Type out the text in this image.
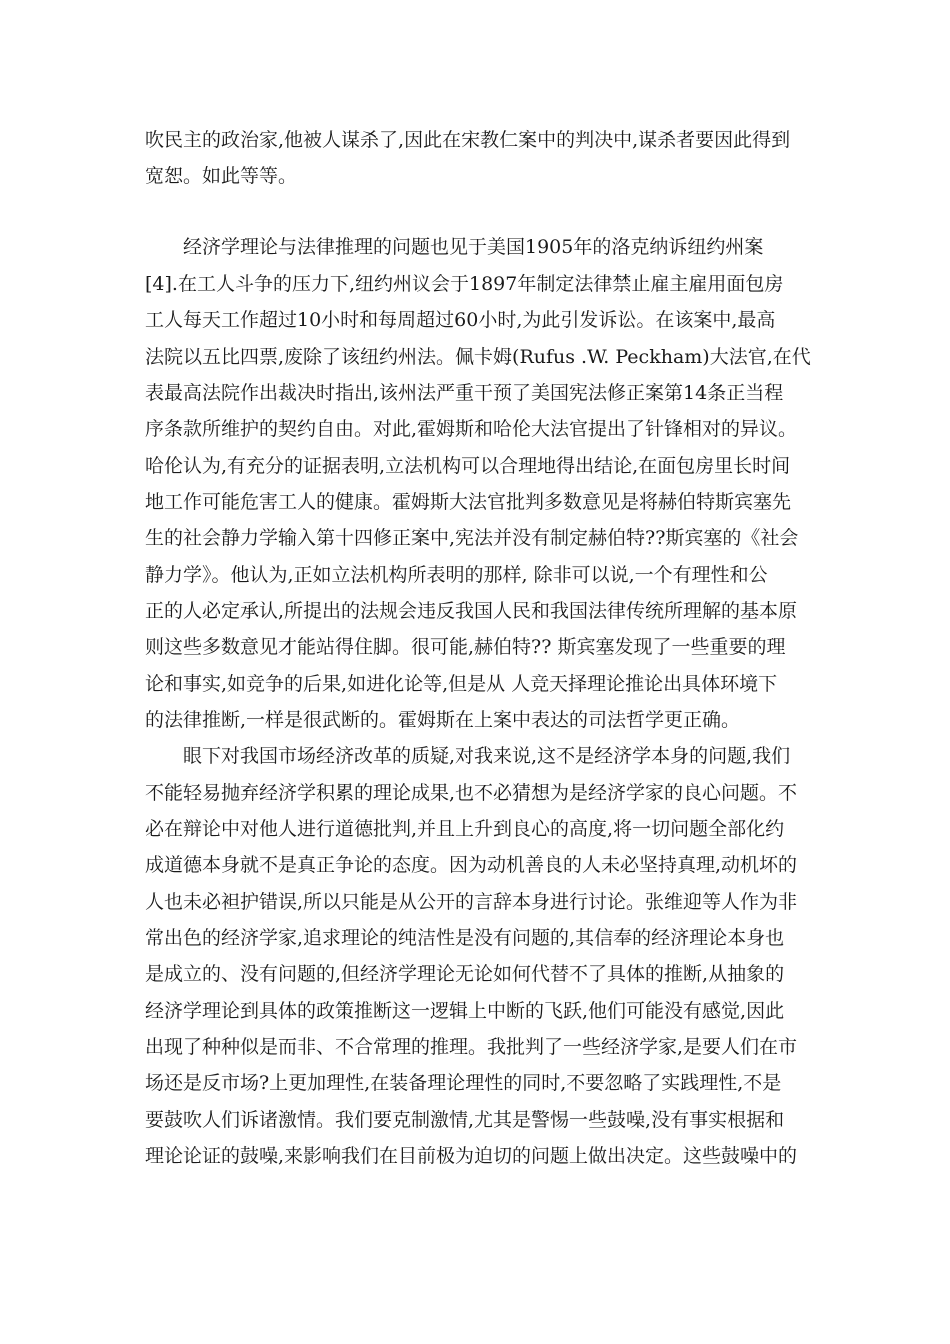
吹民主的政治家,他被人谋杀了,因此在宋教仁案中的判决中,谋杀者要因此得到

宽恕。如此等等。

经济学理论与法律推理的问题也见于美国1905年的洛克纳诉纽约州案

[4].在工人斗争的压力下,纽约州议会于1897年制定法律禁止雇主雇用面包房

工人每天工作超过10小时和每周超过60小时,为此引发诉讼。在该案中,最高

法院以五比四票,废除了该纽约州法。佩卡姆(Rufus .W. Peckham)大法官,在代

表最高法院作出裁决时指出,该州法严重干预了美国宪法修正案第14条正当程

序条款所维护的契约自由。对此,霍姆斯和哈伦大法官提出了针锋相对的异议。

哈伦认为,有充分的证据表明,立法机构可以合理地得出结论,在面包房里长时间

地工作可能危害工人的健康。霍姆斯大法官批判多数意见是将赫伯特斯宾塞先

生的社会静力学输入第十四修正案中,宪法并没有制定赫伯特??斯宾塞的《社会

静力学》。他认为,正如立法机构所表明的那样, 除非可以说,一个有理性和公

正的人必定承认,所提出的法规会违反我国人民和我国法律传统所理解的基本原

则这些多数意见才能站得住脚。很可能,赫伯特?? 斯宾塞发现了一些重要的理

论和事实,如竞争的后果,如进化论等,但是从 人竞天择理论推论出具体环境下

的法律推断,一样是很武断的。霍姆斯在上案中表达的司法哲学更正确。

眼下对我国市场经济改革的质疑,对我来说,这不是经济学本身的问题,我们

不能轻易抛弃经济学积累的理论成果,也不必猜想为是经济学家的良心问题。不

必在辩论中对他人进行道德批判,并且上升到良心的高度,将一切问题全部化约

成道德本身就不是真正争论的态度。因为动机善良的人未必坚持真理,动机坏的

人也未必袒护错误,所以只能是从公开的言辞本身进行讨论。张维迎等人作为非

常出色的经济学家,追求理论的纯洁性是没有问题的,其信奉的经济理论本身也

是成立的、没有问题的,但经济学理论无论如何代替不了具体的推断,从抽象的

经济学理论到具体的政策推断这一逻辑上中断的飞跃,他们可能没有感觉,因此

出现了种种似是而非、不合常理的推理。我批判了一些经济学家,是要人们在市

场还是反市场?上更加理性,在装备理论理性的同时,不要忽略了实践理性,不是

要鼓吹人们诉诸激情。我们要克制激情,尤其是警惕一些鼓噪,没有事实根据和

理论论证的鼓噪,来影响我们在目前极为迫切的问题上做出决定。这些鼓噪中的
